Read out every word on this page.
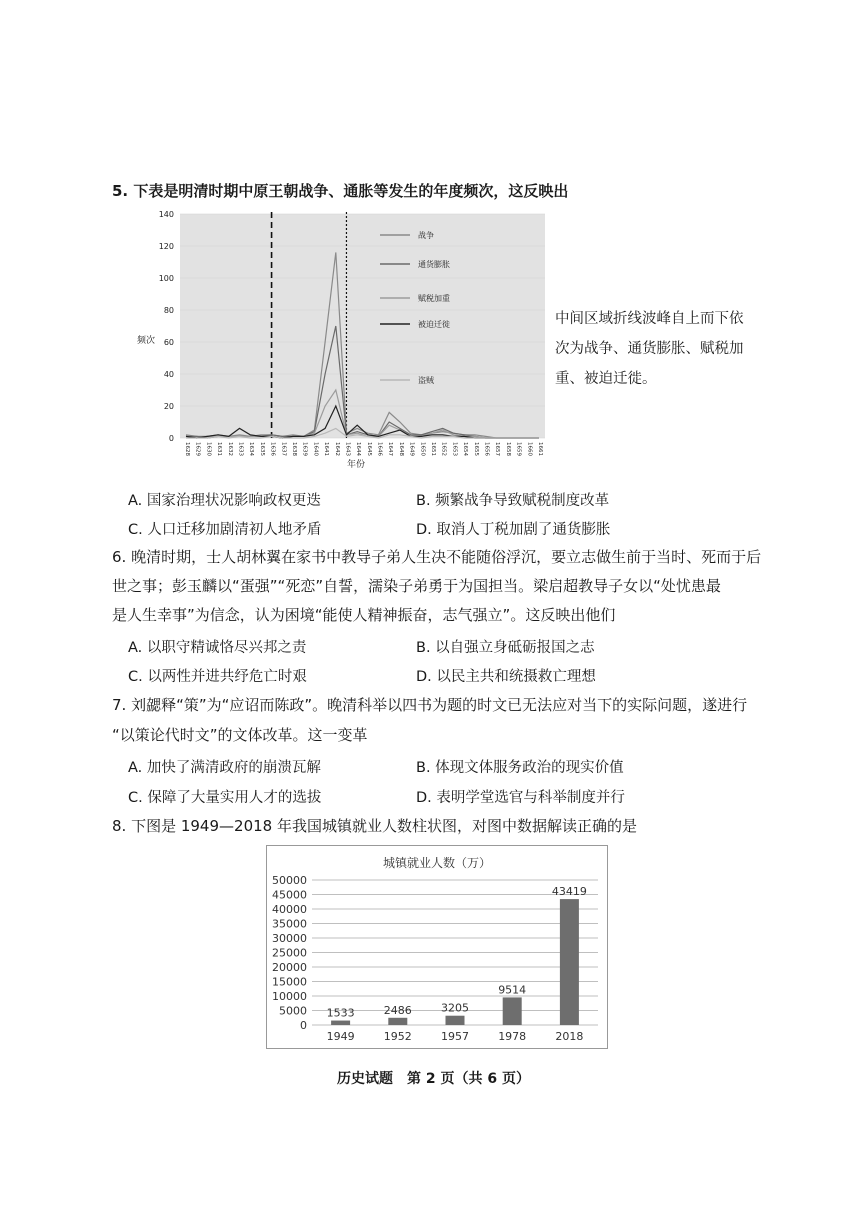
5. 下表是明清时期中原王朝战争、通胀等发生的年度频次，这反映出
0
20
40
60
80
100
120
140
1628 1629 1630 1631 1632 1633 1634 1635 1636 1637 1638 1639 1640 1641 1642 1643 1644 1645 1646 1647 1648 1649 1650 1651 1652 1653 1654 1655 1656 1657 1658 1659 1660 1661
战争
通货膨胀
赋税加重
被迫迁徙
盗贼
频次
年份
中间区域折线波峰自上而下依次为战争、通货膨胀、赋税加重、被迫迁徙。
A. 国家治理状况影响政权更迭	B. 频繁战争导致赋税制度改革
C. 人口迁移加剧清初人地矛盾	D. 取消人丁税加剧了通货膨胀
6. 晚清时期，士人胡林翼在家书中教导子弟人生决不能随俗浮沉，要立志做生前于当时、死而于后
世之事；彭玉麟以“蛋强”“死恋”自誓，濡染子弟勇于为国担当。梁启超教导子女以“处忧患最
是人生幸事”为信念，认为困境“能使人精神振奋，志气强立”。这反映出他们
A. 以职守精诚恪尽兴邦之责	B. 以自强立身砥砺报国之志
C. 以两性并进共纾危亡时艰	D. 以民主共和统摄救亡理想
7. 刘勰释“策”为“应诏而陈政”。晚清科举以四书为题的时文已无法应对当下的实际问题，遂进行
“以策论代时文”的文体改革。这一变革
A. 加快了满清政府的崩溃瓦解	B. 体现文体服务政治的现实价值
C. 保障了大量实用人才的选拔	D. 表明学堂选官与科举制度并行
8. 下图是 1949—2018 年我国城镇就业人数柱状图，对图中数据解读正确的是
城镇就业人数（万）
0
5000
10000
15000
20000
25000
30000
35000
40000
45000
50000
1533	2486	3205
9514
43419
1949	1952	1957	1978	2018
历史试题　第 2 页（共 6 页）
